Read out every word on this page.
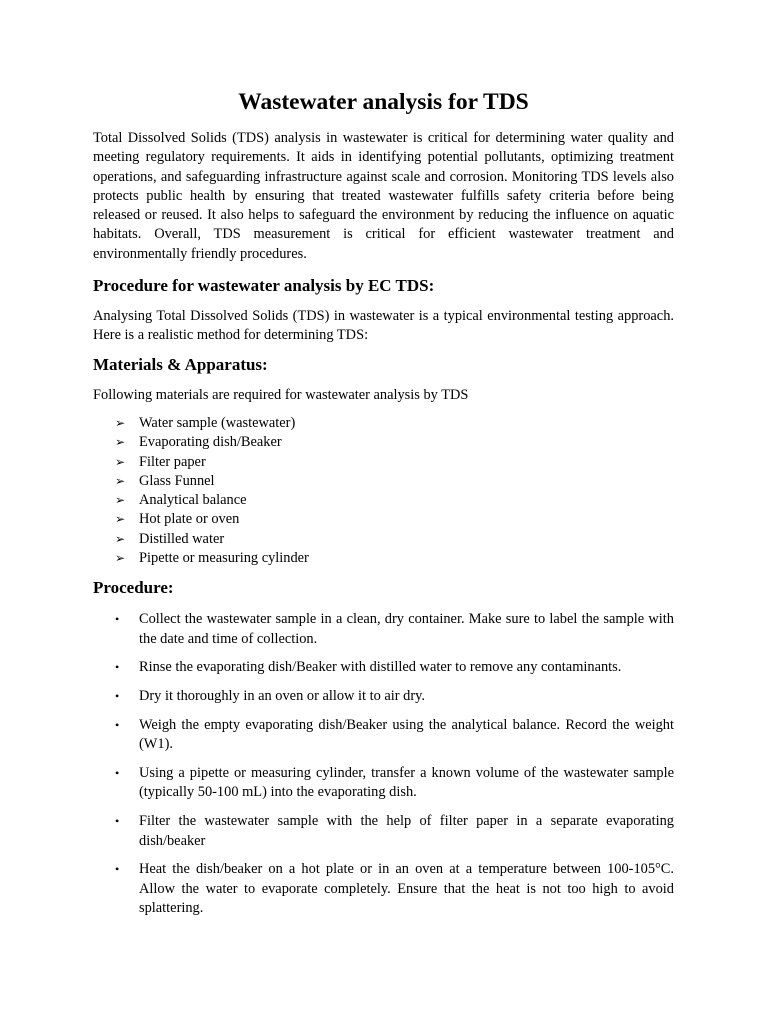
Wastewater analysis for TDS

Total Dissolved Solids (TDS) analysis in wastewater is critical for determining water quality and meeting regulatory requirements. It aids in identifying potential pollutants, optimizing treatment operations, and safeguarding infrastructure against scale and corrosion. Monitoring TDS levels also protects public health by ensuring that treated wastewater fulfills safety criteria before being released or reused. It also helps to safeguard the environment by reducing the influence on aquatic habitats. Overall, TDS measurement is critical for efficient wastewater treatment and environmentally friendly procedures.

Procedure for wastewater analysis by EC TDS:

Analysing Total Dissolved Solids (TDS) in wastewater is a typical environmental testing approach. Here is a realistic method for determining TDS:

Materials & Apparatus:

Following materials are required for wastewater analysis by TDS

➢ Water sample (wastewater)
➢ Evaporating dish/Beaker
➢ Filter paper
➢ Glass Funnel
➢ Analytical balance
➢ Hot plate or oven
➢ Distilled water
➢ Pipette or measuring cylinder
Procedure:
• Collect the wastewater sample in a clean, dry container. Make sure to label the sample with the date and time of collection.
• Rinse the evaporating dish/Beaker with distilled water to remove any contaminants.
• Dry it thoroughly in an oven or allow it to air dry.
• Weigh the empty evaporating dish/Beaker using the analytical balance. Record the weight (W1).
• Using a pipette or measuring cylinder, transfer a known volume of the wastewater sample (typically 50-100 mL) into the evaporating dish.
• Filter the wastewater sample with the help of filter paper in a separate evaporating dish/beaker
• Heat the dish/beaker on a hot plate or in an oven at a temperature between 100-105°C. Allow the water to evaporate completely. Ensure that the heat is not too high to avoid splattering.
